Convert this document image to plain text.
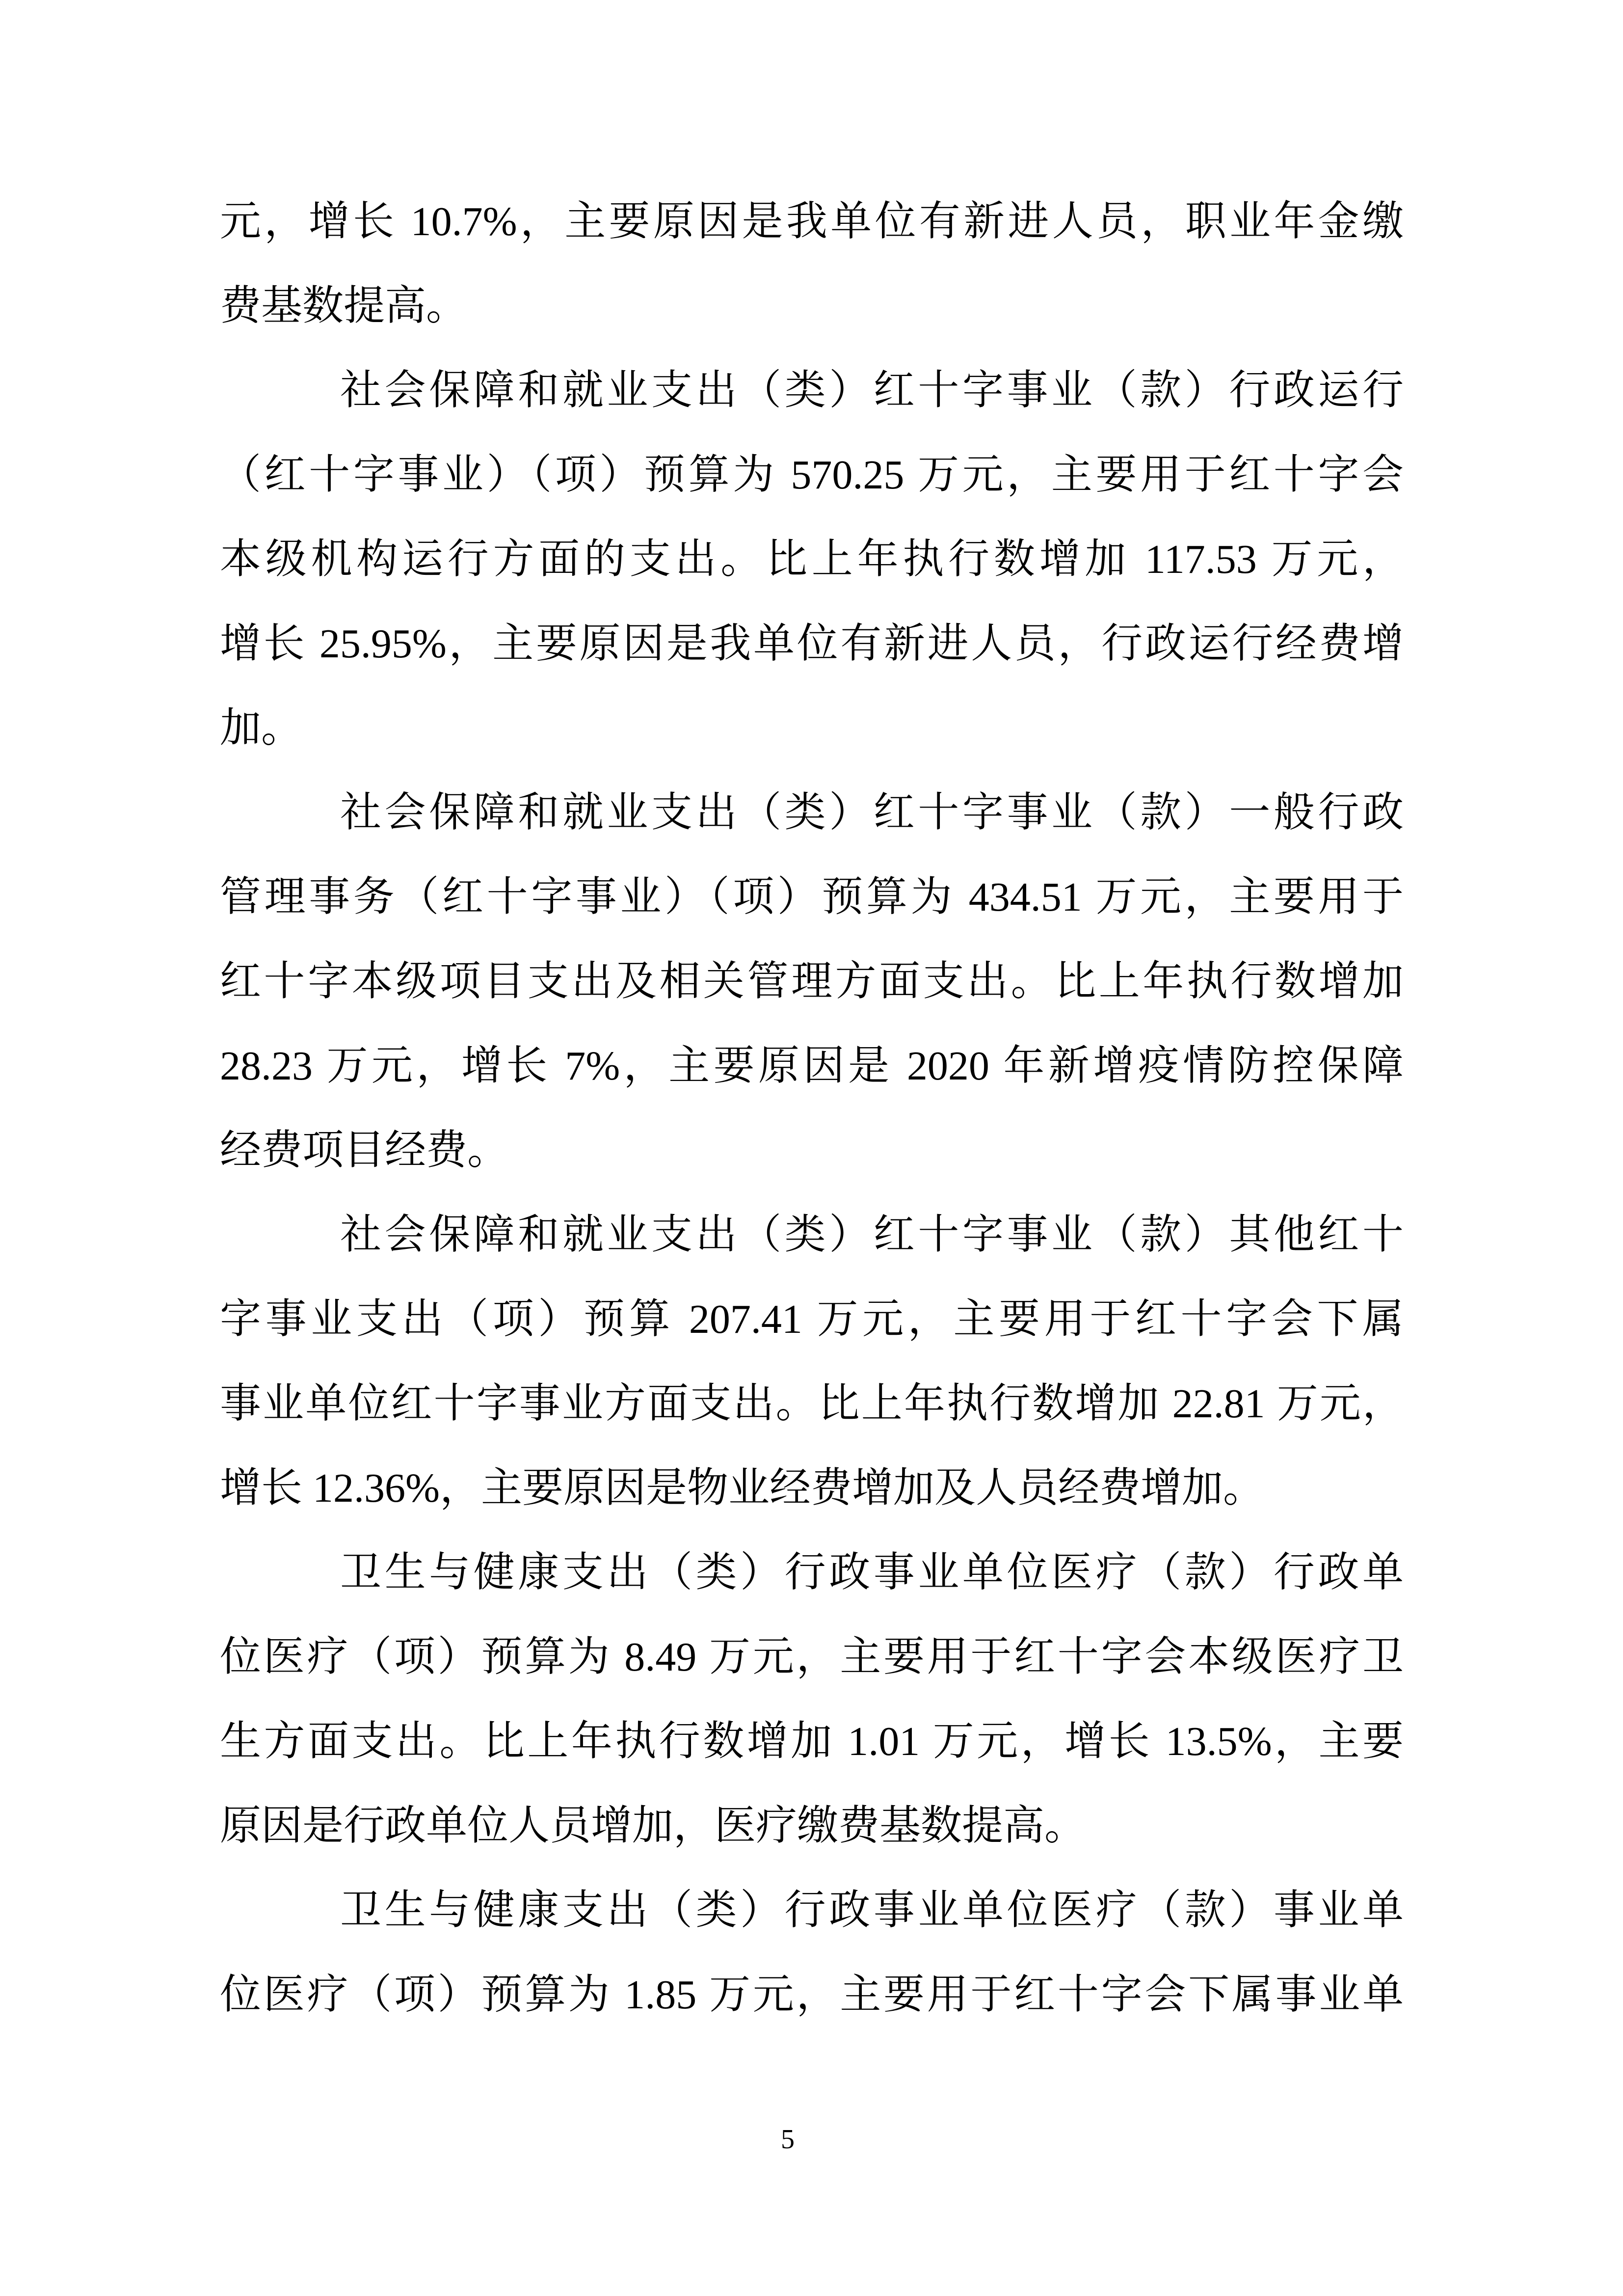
元，增长 10.7%，主要原因是我单位有新进人员，职业年金缴
费基数提高。
社会保障和就业支出（类）红十字事业（款）行政运行
（红十字事业）（项）预算为 570.25 万元，主要用于红十字会
本级机构运行方面的支出。比上年执行数增加 117.53 万元，
增长 25.95%，主要原因是我单位有新进人员，行政运行经费增
加。
社会保障和就业支出（类）红十字事业（款）一般行政
管理事务（红十字事业）（项）预算为 434.51 万元，主要用于
红十字本级项目支出及相关管理方面支出。比上年执行数增加
28.23 万元，增长 7%，主要原因是 2020 年新增疫情防控保障
经费项目经费。
社会保障和就业支出（类）红十字事业（款）其他红十
字事业支出（项）预算 207.41 万元，主要用于红十字会下属
事业单位红十字事业方面支出。比上年执行数增加 22.81 万元，
增长 12.36%，主要原因是物业经费增加及人员经费增加。
卫生与健康支出（类）行政事业单位医疗（款）行政单
位医疗（项）预算为 8.49 万元，主要用于红十字会本级医疗卫
生方面支出。比上年执行数增加 1.01 万元，增长 13.5%，主要
原因是行政单位人员增加，医疗缴费基数提高。
卫生与健康支出（类）行政事业单位医疗（款）事业单
位医疗（项）预算为 1.85 万元，主要用于红十字会下属事业单
5
